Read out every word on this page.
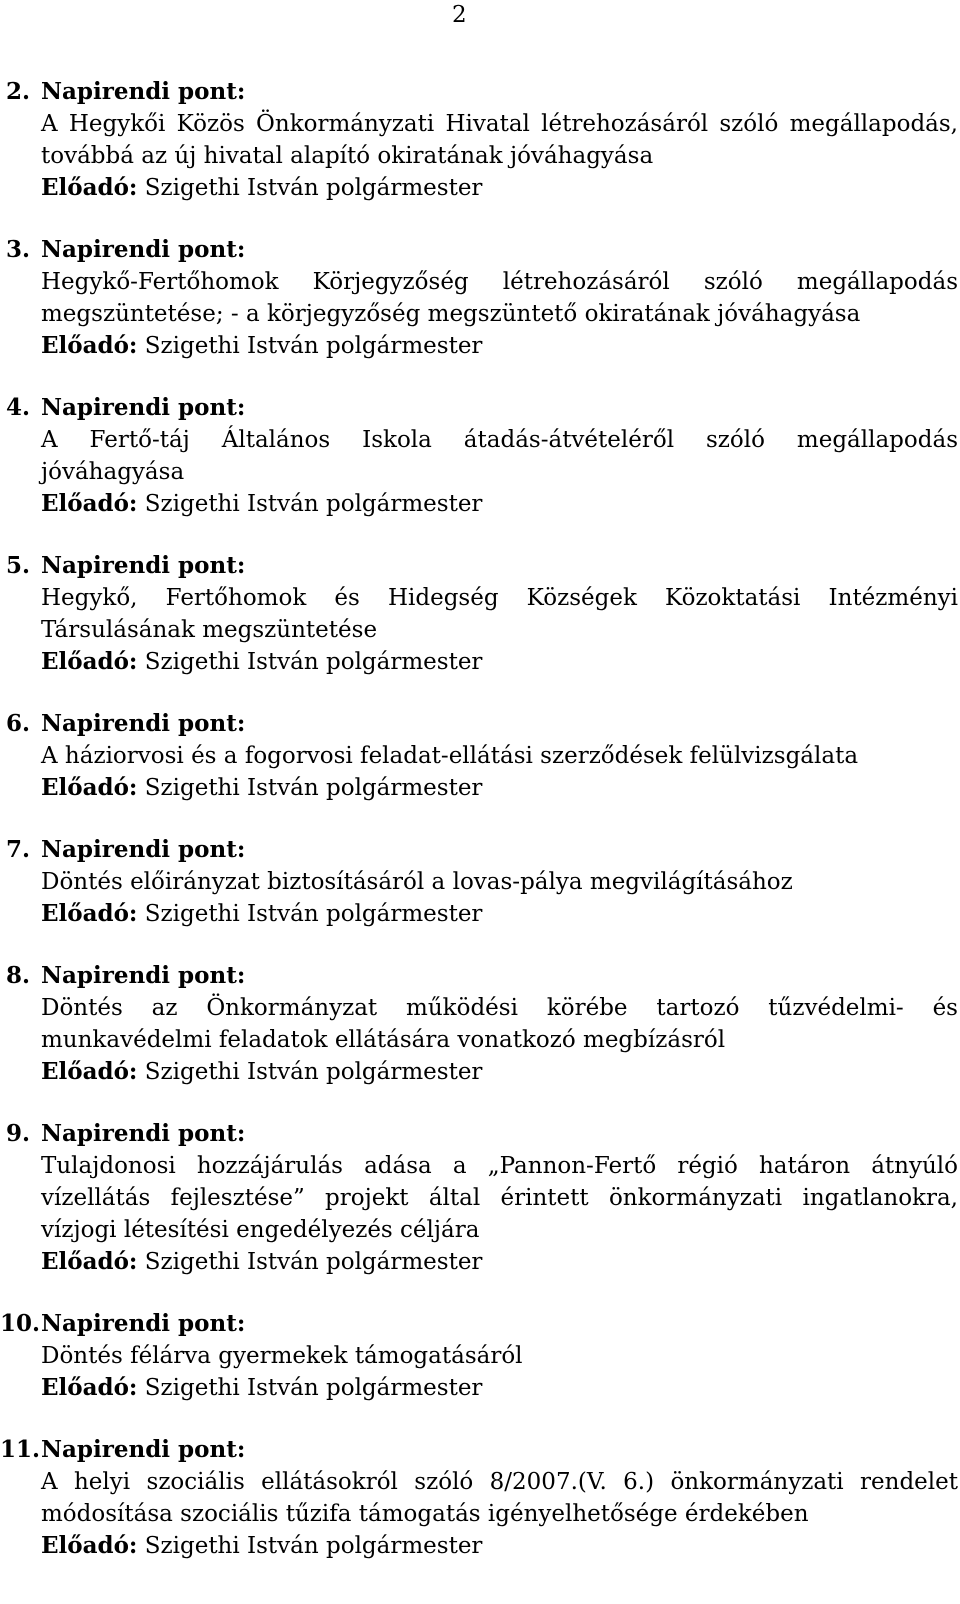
2
2. Napirendi pont:
A Hegykői Közös Önkormányzati Hivatal létrehozásáról szóló megállapodás, továbbá az új hivatal alapító okiratának jóváhagyása
Előadó: Szigethi István polgármester
3. Napirendi pont:
Hegykő-Fertőhomok Körjegyzőség létrehozásáról szóló megállapodás megszüntetése; - a körjegyzőség megszüntető okiratának jóváhagyása
Előadó: Szigethi István polgármester
4. Napirendi pont:
A Fertő-táj Általános Iskola átadás-átvételéről szóló megállapodás jóváhagyása
Előadó: Szigethi István polgármester
5. Napirendi pont:
Hegykő, Fertőhomok és Hidegség Községek Közoktatási Intézményi Társulásának megszüntetése
Előadó: Szigethi István polgármester
6. Napirendi pont:
A háziorvosi és a fogorvosi feladat-ellátási szerződések felülvizsgálata
Előadó: Szigethi István polgármester
7. Napirendi pont:
Döntés előirányzat biztosításáról a lovas-pálya megvilágításához
Előadó: Szigethi István polgármester
8. Napirendi pont:
Döntés az Önkormányzat működési körébe tartozó tűzvédelmi- és munkavédelmi feladatok ellátására vonatkozó megbízásról
Előadó: Szigethi István polgármester
9. Napirendi pont:
Tulajdonosi hozzájárulás adása a „Pannon-Fertő régió határon átnyúló vízellátás fejlesztése” projekt által érintett önkormányzati ingatlanokra, vízjogi létesítési engedélyezés céljára
Előadó: Szigethi István polgármester
10.Napirendi pont:
Döntés félárva gyermekek támogatásáról
Előadó: Szigethi István polgármester
11.Napirendi pont:
A helyi szociális ellátásokról szóló 8/2007.(V. 6.) önkormányzati rendelet módosítása szociális tűzifa támogatás igényelhetősége érdekében
Előadó: Szigethi István polgármester
